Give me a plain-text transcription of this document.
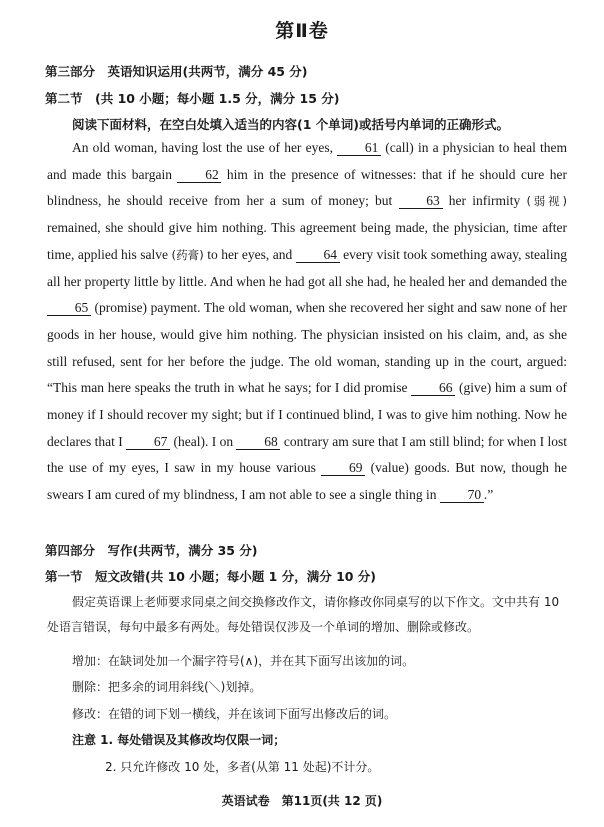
第Ⅱ卷
第三部分　英语知识运用(共两节，满分 45 分)
第二节　(共 10 小题；每小题 1.5 分，满分 15 分)
阅读下面材料，在空白处填入适当的内容(1 个单词)或括号内单词的正确形式。
An old woman, having lost the use of her eyes, 61 (call) in a physician to heal them and made this bargain 62 him in the presence of witnesses: that if he should cure her blindness, he should receive from her a sum of money; but 63 her infirmity (弱视) remained, she should give him nothing. This agreement being made, the physician, time after time, applied his salve (药膏) to her eyes, and 64 every visit took something away, stealing all her property little by little. And when he had got all she had, he healed her and demanded the 65 (promise) payment. The old woman, when she recovered her sight and saw none of her goods in her house, would give him nothing. The physician insisted on his claim, and, as she still refused, sent for her before the judge. The old woman, standing up in the court, argued: “This man here speaks the truth in what he says; for I did promise 66 (give) him a sum of money if I should recover my sight; but if I continued blind, I was to give him nothing. Now he declares that I 67 (heal). I on 68 contrary am sure that I am still blind; for when I lost the use of my eyes, I saw in my house various 69 (value) goods. But now, though he swears I am cured of my blindness, I am not able to see a single thing in 70 .”
第四部分　写作(共两节，满分 35 分)
第一节　短文改错(共 10 小题；每小题 1 分，满分 10 分)
假定英语课上老师要求同桌之间交换修改作文，请你修改你同桌写的以下作文。文中共有 10 处语言错误，每句中最多有两处。每处错误仅涉及一个单词的增加、删除或修改。
增加：在缺词处加一个漏字符号(∧)，并在其下面写出该加的词。
删除：把多余的词用斜线(＼)划掉。
修改：在错的词下划一横线，并在该词下面写出修改后的词。
注意 1. 每处错误及其修改均仅限一词；
2. 只允许修改 10 处，多者(从第 11 处起)不计分。
英语试卷　第11页(共 12 页)
